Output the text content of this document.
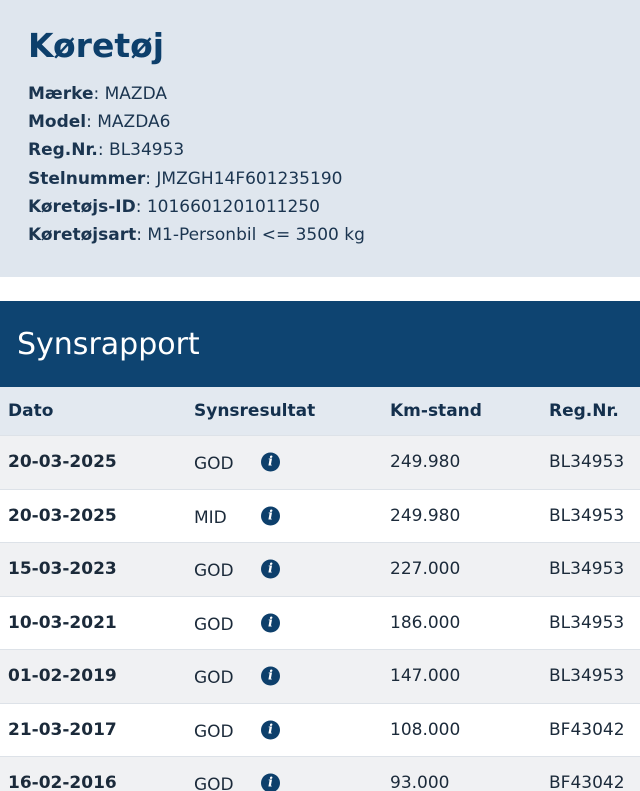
Køretøj
Mærke: MAZDA
Model: MAZDA6
Reg.Nr.: BL34953
Stelnummer: JMZGH14F601235190
Køretøjs-ID: 1016601201011250
Køretøjsart: M1-Personbil <= 3500 kg
Synsrapport
Dato	Synsresultat	Km-stand	Reg.Nr.
20-03-2025	GOD	249.980	BL34953
i
20-03-2025	MID	249.980	BL34953
i
15-03-2023	GOD	227.000	BL34953
i
10-03-2021	GOD	186.000	BL34953
i
01-02-2019	GOD	147.000	BL34953
i
21-03-2017	GOD	108.000	BF43042
i
16-02-2016	GOD	93.000	BF43042
i
